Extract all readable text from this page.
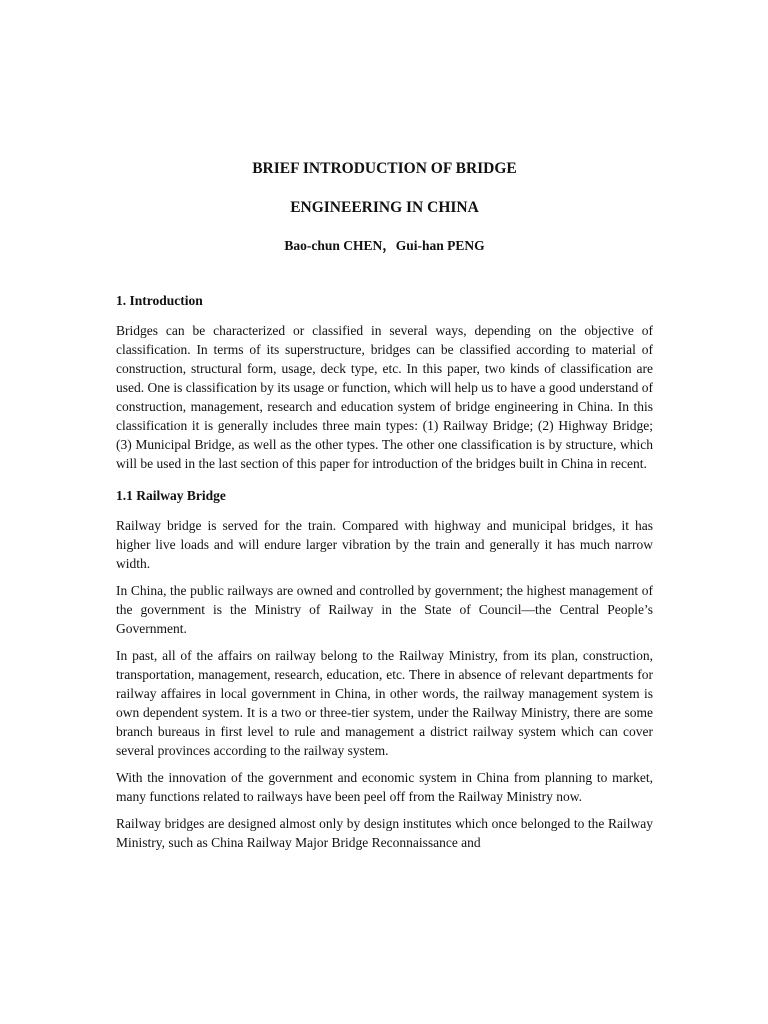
BRIEF INTRODUCTION OF BRIDGE
ENGINEERING IN CHINA
Bao-chun CHEN，Gui-han PENG
1. Introduction

Bridges can be characterized or classified in several ways, depending on the objective of classification. In terms of its superstructure, bridges can be classified according to material of construction, structural form, usage, deck type, etc. In this paper, two kinds of classification are used. One is classification by its usage or function, which will help us to have a good understand of construction, management, research and education system of bridge engineering in China. In this classification it is generally includes three main types: (1) Railway Bridge; (2) Highway Bridge; (3) Municipal Bridge, as well as the other types. The other one classification is by structure, which will be used in the last section of this paper for introduction of the bridges built in China in recent.

1.1 Railway Bridge

Railway bridge is served for the train. Compared with highway and municipal bridges, it has higher live loads and will endure larger vibration by the train and generally it has much narrow width.

In China, the public railways are owned and controlled by government; the highest management of the government is the Ministry of Railway in the State of Council—the Central People’s Government.

In past, all of the affairs on railway belong to the Railway Ministry, from its plan, construction, transportation, management, research, education, etc. There in absence of relevant departments for railway affaires in local government in China, in other words, the railway management system is own dependent system. It is a two or three-tier system, under the Railway Ministry, there are some branch bureaus in first level to rule and management a district railway system which can cover several provinces according to the railway system.

With the innovation of the government and economic system in China from planning to market, many functions related to railways have been peel off from the Railway Ministry now.

Railway bridges are designed almost only by design institutes which once belonged to the Railway Ministry, such as China Railway Major Bridge Reconnaissance and
